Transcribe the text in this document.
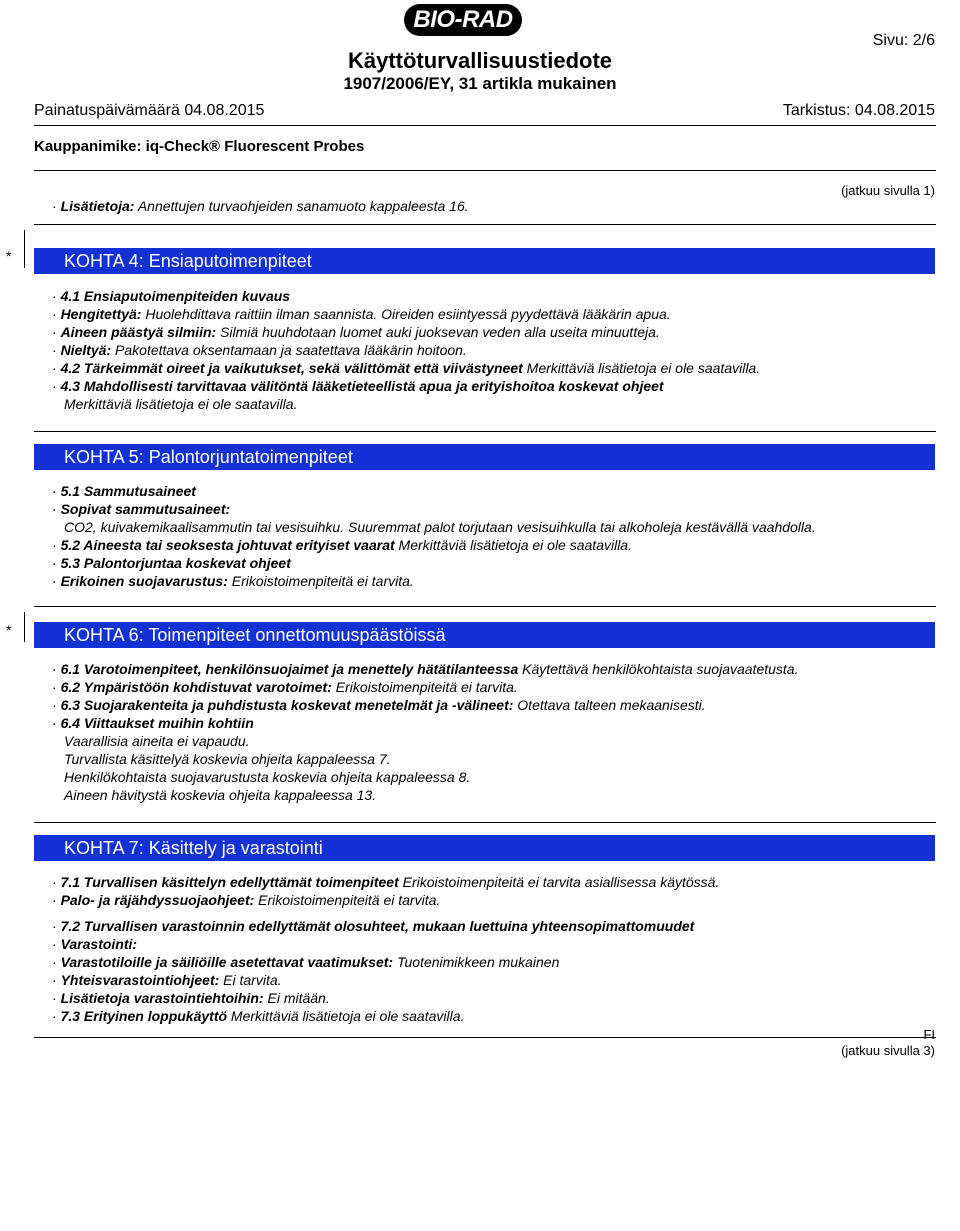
BIO-RAD
Käyttöturvallisuustiedote
1907/2006/EY, 31 artikla mukainen
Sivu: 2/6
Painatuspäivämäärä 04.08.2015	Tarkistus: 04.08.2015
Kauppanimike: iq-Check® Fluorescent Probes
(jatkuu sivulla 1)
· Lisätietoja: Annettujen turvaohjeiden sanamuoto kappaleesta 16.
*	KOHTA 4: Ensiaputoimenpiteet
· 4.1 Ensiaputoimenpiteiden kuvaus
· Hengitettyä: Huolehdittava raittiin ilman saannista. Oireiden esiintyessä pyydettävä lääkärin apua.
· Aineen päästyä silmiin: Silmiä huuhdotaan luomet auki juoksevan veden alla useita minuutteja.
· Nieltyä: Pakotettava oksentamaan ja saatettava lääkärin hoitoon.
· 4.2 Tärkeimmät oireet ja vaikutukset, sekä välittömät että viivästyneet Merkittäviä lisätietoja ei ole saatavilla.
· 4.3 Mahdollisesti tarvittavaa välitöntä lääketieteellistä apua ja erityishoitoa koskevat ohjeet
Merkittäviä lisätietoja ei ole saatavilla.
KOHTA 5: Palontorjuntatoimenpiteet
· 5.1 Sammutusaineet
· Sopivat sammutusaineet:
CO2, kuivakemikaalisammutin tai vesisuihku. Suuremmat palot torjutaan vesisuihkulla tai alkoholeja kestävällä vaahdolla.
· 5.2 Aineesta tai seoksesta johtuvat erityiset vaarat Merkittäviä lisätietoja ei ole saatavilla.
· 5.3 Palontorjuntaa koskevat ohjeet
· Erikoinen suojavarustus: Erikoistoimenpiteitä ei tarvita.
*	KOHTA 6: Toimenpiteet onnettomuuspäästöissä
· 6.1 Varotoimenpiteet, henkilönsuojaimet ja menettely hätätilanteessa Käytettävä henkilökohtaista suojavaatetusta.
· 6.2 Ympäristöön kohdistuvat varotoimet: Erikoistoimenpiteitä ei tarvita.
· 6.3 Suojarakenteita ja puhdistusta koskevat menetelmät ja -välineet: Otettava talteen mekaanisesti.
· 6.4 Viittaukset muihin kohtiin
Vaarallisia aineita ei vapaudu.
Turvallista käsittelyä koskevia ohjeita kappaleessa 7.
Henkilökohtaista suojavarustusta koskevia ohjeita kappaleessa 8.
Aineen hävitystä koskevia ohjeita kappaleessa 13.
KOHTA 7: Käsittely ja varastointi
· 7.1 Turvallisen käsittelyn edellyttämät toimenpiteet Erikoistoimenpiteitä ei tarvita asiallisessa käytössä.
· Palo- ja räjähdyssuojaohjeet: Erikoistoimenpiteitä ei tarvita.
· 7.2 Turvallisen varastoinnin edellyttämät olosuhteet, mukaan luettuina yhteensopimattomuudet
· Varastointi:
· Varastotiloille ja säiliöille asetettavat vaatimukset: Tuotenimikkeen mukainen
· Yhteisvarastointiohjeet: Ei tarvita.
· Lisätietoja varastointiehtoihin: Ei mitään.
· 7.3 Erityinen loppukäyttö Merkittäviä lisätietoja ei ole saatavilla.
FI
(jatkuu sivulla 3)
